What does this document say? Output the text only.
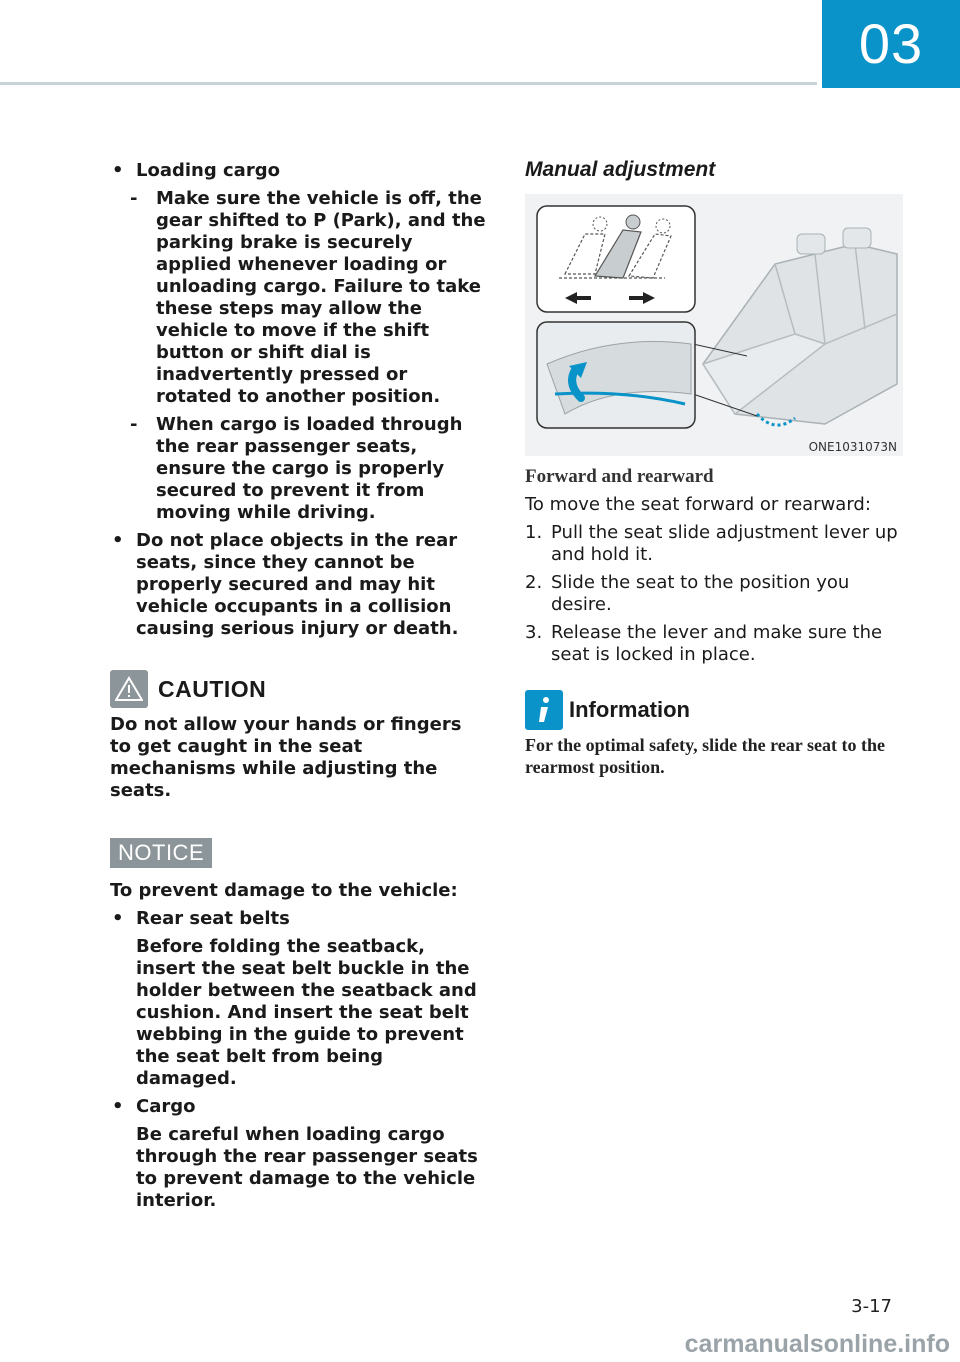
03
• Loading cargo
- Make sure the vehicle is off, the gear shifted to P (Park), and the parking brake is securely applied whenever loading or unloading cargo. Failure to take these steps may allow the vehicle to move if the shift button or shift dial is inadvertently pressed or rotated to another position.
- When cargo is loaded through the rear passenger seats, ensure the cargo is properly secured to prevent it from moving while driving.
• Do not place objects in the rear seats, since they cannot be properly secured and may hit vehicle occupants in a collision causing serious injury or death.
CAUTION
Do not allow your hands or fingers to get caught in the seat mechanisms while adjusting the seats.
NOTICE
To prevent damage to the vehicle:
• Rear seat belts
Before folding the seatback, insert the seat belt buckle in the holder between the seatback and cushion. And insert the seat belt webbing in the guide to prevent the seat belt from being damaged.
• Cargo
Be careful when loading cargo through the rear passenger seats to prevent damage to the vehicle interior.
Manual adjustment
ONE1031073N
Forward and rearward
To move the seat forward or rearward:
1. Pull the seat slide adjustment lever up and hold it.
2. Slide the seat to the position you desire.
3. Release the lever and make sure the seat is locked in place.
Information
For the optimal safety, slide the rear seat to the rearmost position.
3-17
carmanualsonline.info
